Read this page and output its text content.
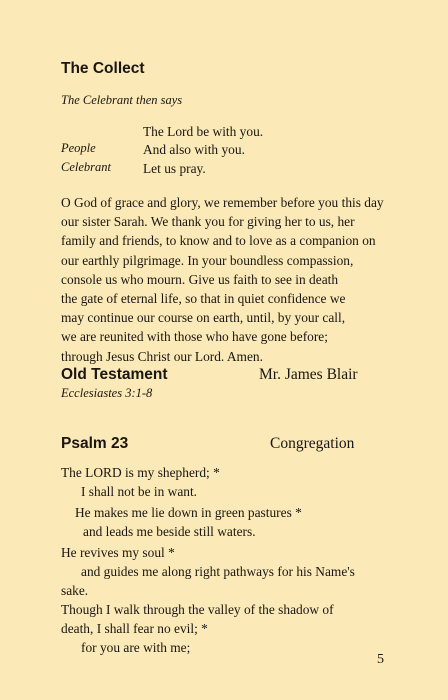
The Collect
The Celebrant then says
The Lord be with you.
People	And also with you.
Celebrant Let us pray.
O God of grace and glory, we remember before you this day
our sister Sarah. We thank you for giving her to us, her
family and friends, to know and to love as a companion on
our earthly pilgrimage. In your boundless compassion,
console us who mourn. Give us faith to see in death
the gate of eternal life, so that in quiet confidence we
may continue our course on earth, until, by your call,
we are reunited with those who have gone before;
through Jesus Christ our Lord. Amen.
Old Testament
Ecclesiastes 3:1-8
Mr. James Blair
Psalm 23	Congregation
The LORD is my shepherd; *
I shall not be in want.
He makes me lie down in green pastures *
and leads me beside still waters.
He revives my soul *
and guides me along right pathways for his Name's
sake.
Though I walk through the valley of the shadow of
death, I shall fear no evil; *
for you are with me;
5
